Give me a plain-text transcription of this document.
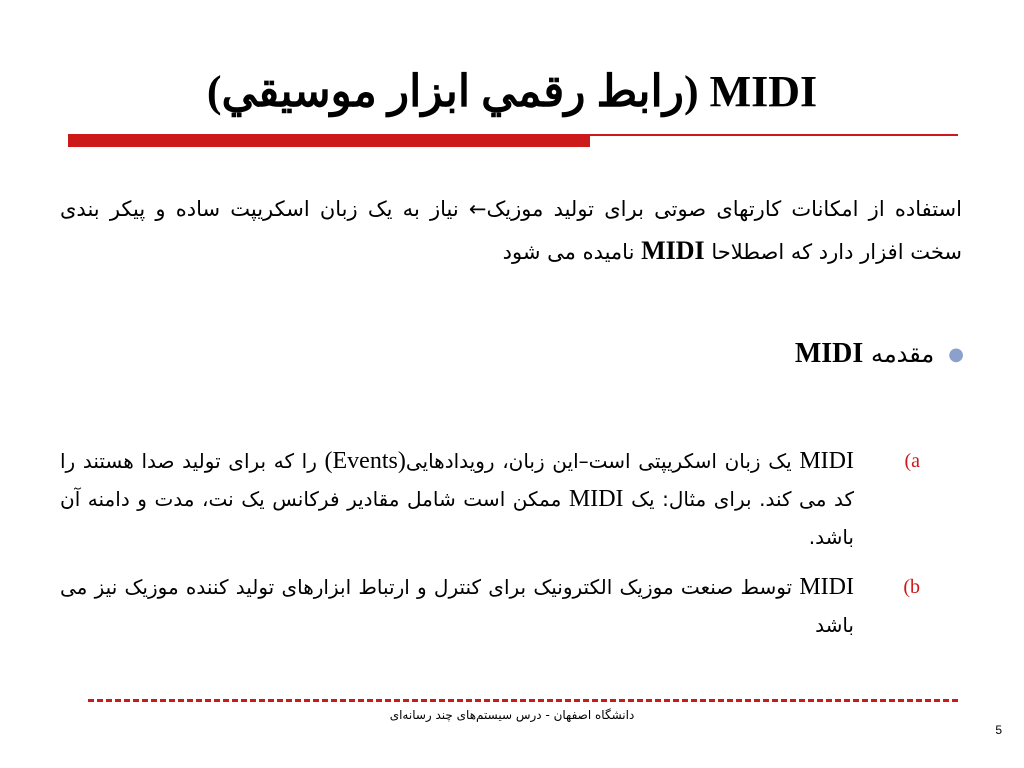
(رابط رقمي ابزار موسيقي) MIDI
استفاده از امکانات کارتهای صوتی برای تولید موزیک← نیاز به یک زبان اسکریپت ساده و پیکر بندی سخت افزار دارد که اصطلاحا MIDI نامیده می شود
●مقدمه MIDI
(a
MIDI یک زبان اسکریپتی است–این زبان، رویدادهایی(Events) را که برای تولید صدا هستند را کد می کند. برای مثال: یک MIDI ممکن است شامل مقادیر فرکانس یک نت، مدت و دامنه آن باشد.
(b
MIDI توسط صنعت موزیک الکترونیک برای کنترل و ارتباط ابزارهای تولید کننده موزیک نیز می باشد
دانشگاه اصفهان - درس سیستم‌های چند رسانه‌ای
5
